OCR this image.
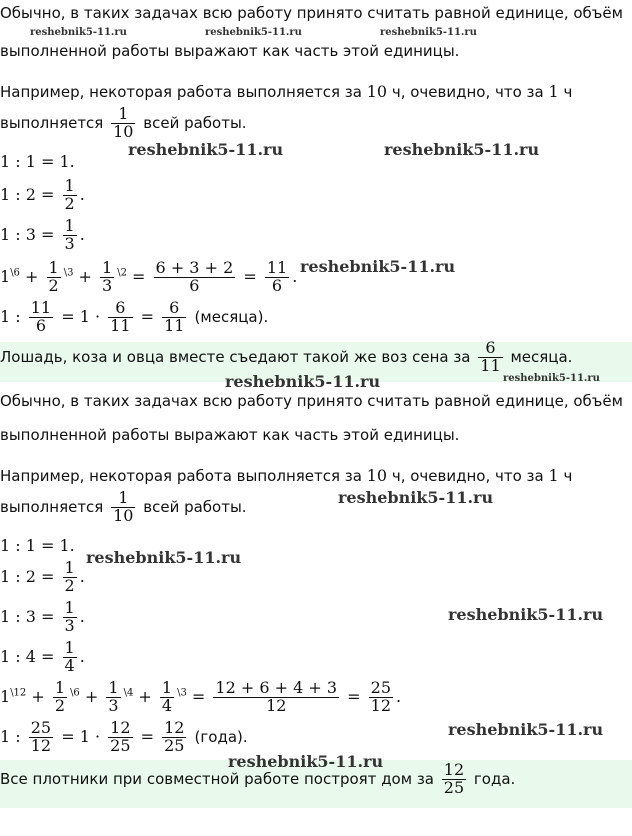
Обычно, в таких задачах всю работу принято считать равной единице, объём
выполненной работы выражают как часть этой единицы.
Например, некоторая работа выполняется за 10 ч, очевидно, что за 1 ч
выполняется $\frac{1}{10}$ всей работы.
1 : 1 = 1.
1 : $2 = \frac{1}{2}$ .
1 : $3 = \frac{1}{3}$ .
$1^{\backslash 6} + \frac{1}{2} ^{\backslash 3} + \frac{1}{3} ^{\backslash 2} = \frac{6 + 3 + 2}{6} = \frac{11}{6}$ .
1 : $\frac{11}{6} = 1 \cdot \frac{6}{11} = \frac{6}{11}$ (месяца).
Лошадь, коза и овца вместе съедают такой же воз сена за $\frac{6}{11}$ месяца.
Обычно, в таких задачах всю работу принято считать равной единице, объём
выполненной работы выражают как часть этой единицы.
Например, некоторая работа выполняется за 10 ч, очевидно, что за 1 ч
выполняется $\frac{1}{10}$ всей работы.
1 : 1 = 1.
1 : $2 = \frac{1}{2}$ .
1 : $3 = \frac{1}{3}$ .
1 : $4 = \frac{1}{4}$ .
$1^{\backslash 12} + \frac{1}{2} ^{\backslash 6} + \frac{1}{3} ^{\backslash 4} + \frac{1}{4} ^{\backslash 3} = \frac{12 + 6 + 4 + 3}{12} = \frac{25}{12}$ .
1 : $\frac{25}{12} = 1 \cdot \frac{12}{25} = \frac{12}{25}$ (года).
Все плотники при совместной работе построят дом за $\frac{12}{25}$ года.
reshebnik5-11.ru	reshebnik5-11.ru	reshebnik5-11.ru
reshebnik5-11.ru	reshebnik5-11.ru
reshebnik5-11.ru
reshebnik5-11.ru	reshebnik5-11.ru
reshebnik5-11.ru
reshebnik5-11.ru
reshebnik5-11.ru
reshebnik5-11.ru
reshebnik5-11.ru
